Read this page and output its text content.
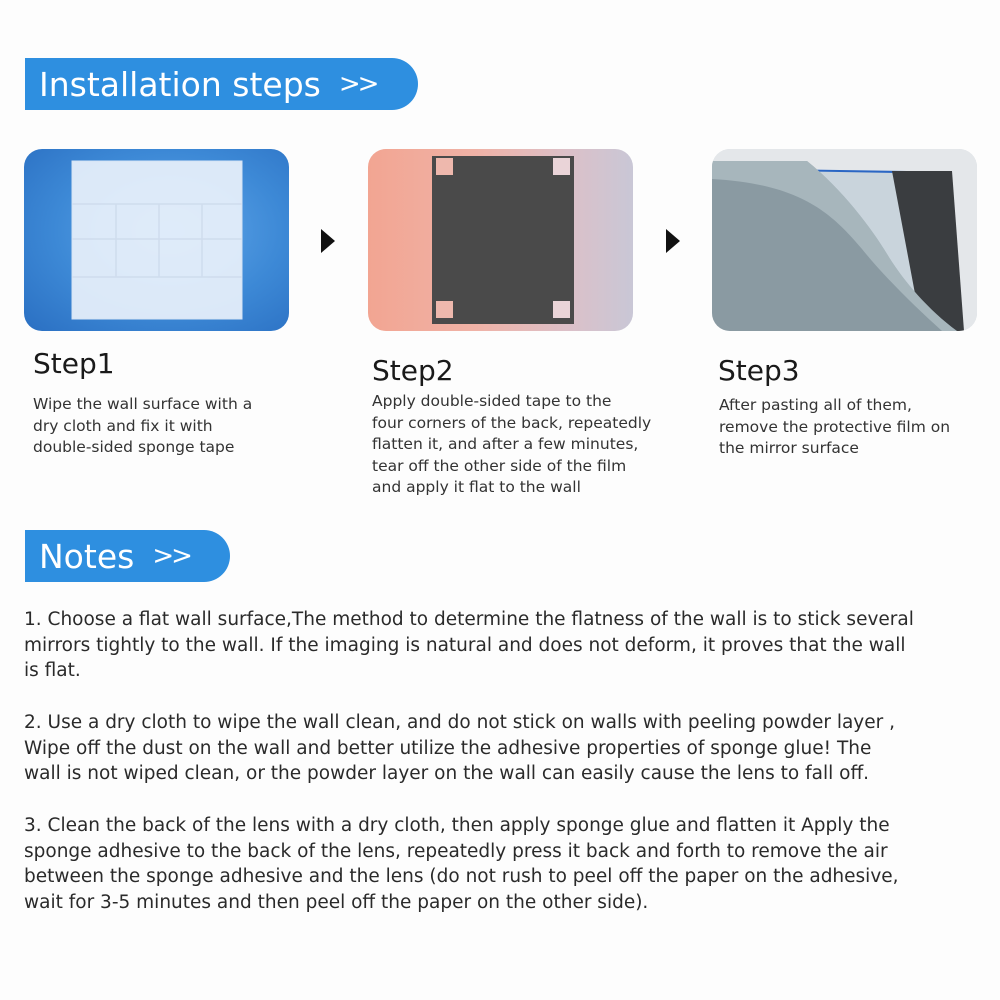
Installation steps >>
Step1
Wipe the wall surface with a
dry cloth and fix it with
double-sided sponge tape
Step2
Apply double-sided tape to the
four corners of the back, repeatedly
flatten it, and after a few minutes,
tear off the other side of the film
and apply it flat to the wall
Step3
After pasting all of them,
remove the protective film on
the mirror surface
Notes >>
1. Choose a flat wall surface,The method to determine the flatness of the wall is to stick several
mirrors tightly to the wall. If the imaging is natural and does not deform, it proves that the wall
is flat.
2. Use a dry cloth to wipe the wall clean, and do not stick on walls with peeling powder layer ,
Wipe off the dust on the wall and better utilize the adhesive properties of sponge glue! The
wall is not wiped clean, or the powder layer on the wall can easily cause the lens to fall off.
3. Clean the back of the lens with a dry cloth, then apply sponge glue and flatten it Apply the
sponge adhesive to the back of the lens, repeatedly press it back and forth to remove the air
between the sponge adhesive and the lens (do not rush to peel off the paper on the adhesive,
wait for 3-5 minutes and then peel off the paper on the other side).
